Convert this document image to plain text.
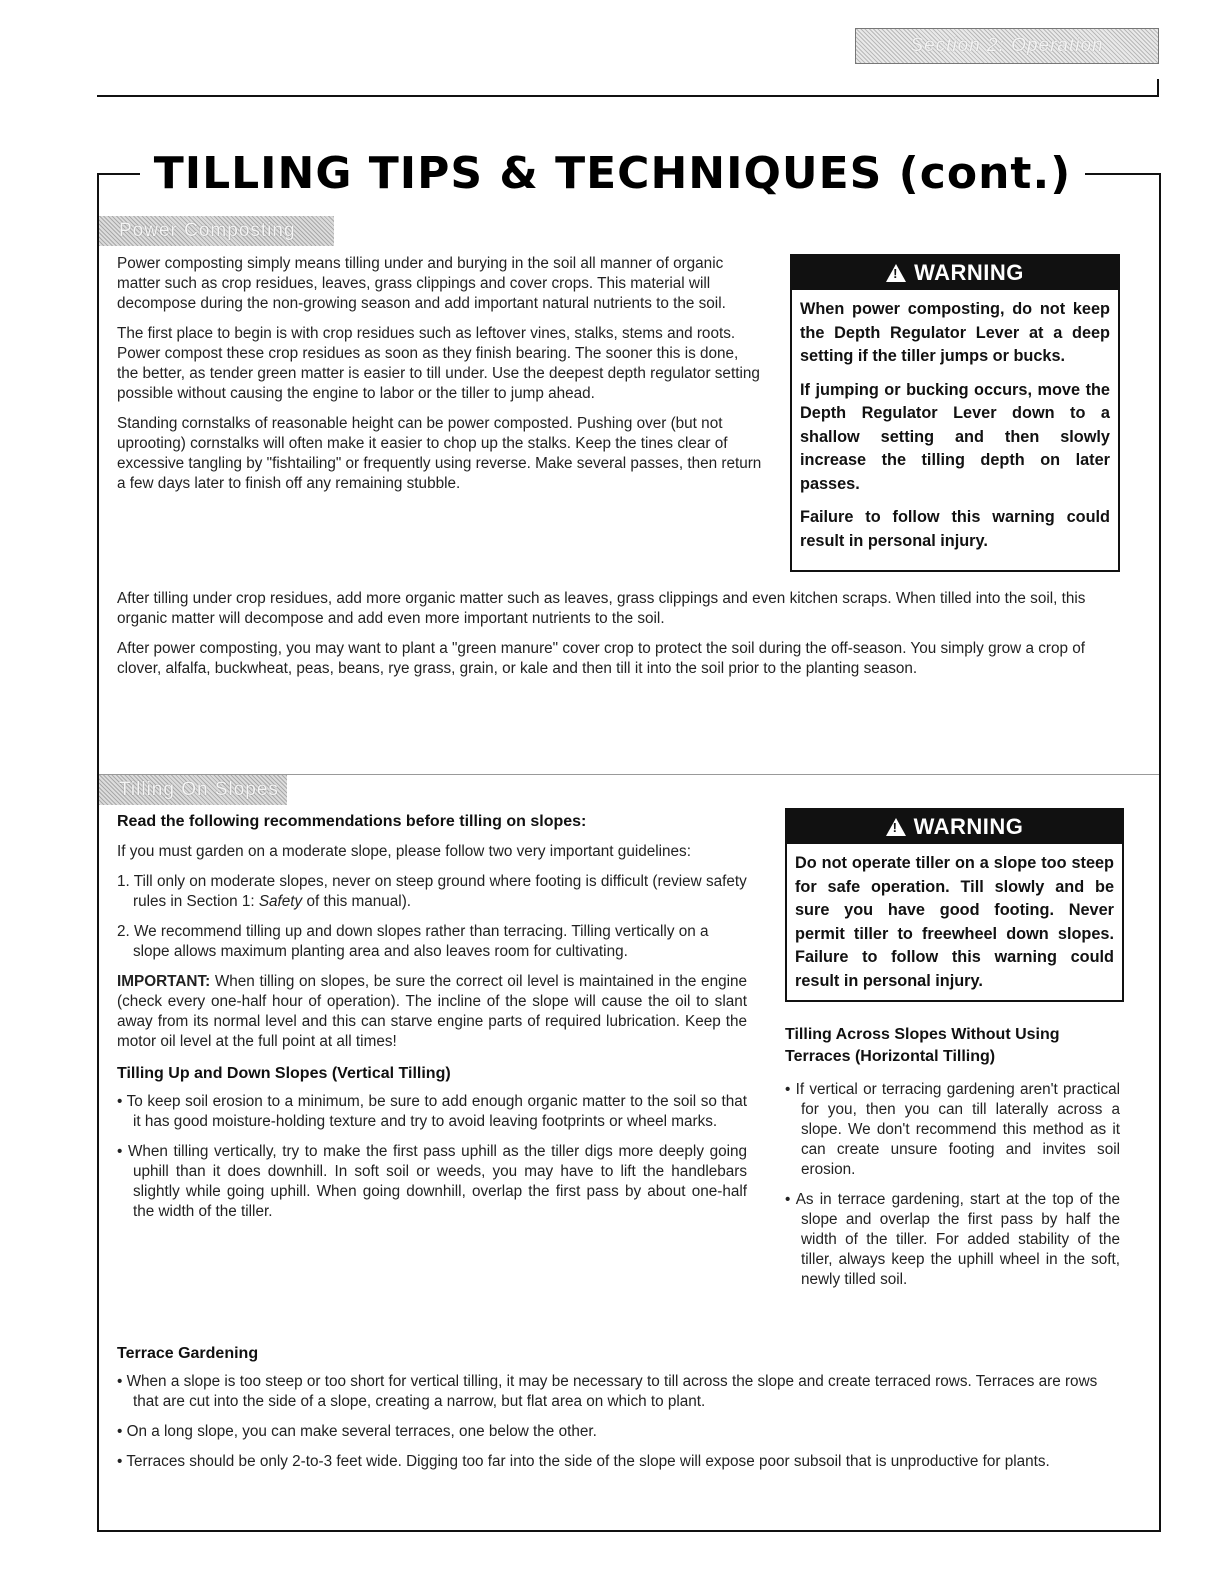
Section 2: Operation
TILLING TIPS & TECHNIQUES (cont.)
Power Composting

Power composting simply means tilling under and burying in the soil all manner of organic matter such as crop residues, leaves, grass clippings and cover crops. This material will decompose during the non-growing season and add important natural nutrients to the soil.

The first place to begin is with crop residues such as leftover vines, stalks, stems and roots. Power compost these crop residues as soon as they finish bearing. The sooner this is done, the better, as tender green matter is easier to till under. Use the deepest depth regulator setting possible without causing the engine to labor or the tiller to jump ahead.

Standing cornstalks of reasonable height can be power composted. Pushing over (but not uprooting) cornstalks will often make it easier to chop up the stalks. Keep the tines clear of excessive tangling by "fishtailing" or frequently using reverse. Make several passes, then return a few days later to finish off any remaining stubble.

!WARNING

When power composting, do not keep the Depth Regulator Lever at a deep setting if the tiller jumps or bucks.

If jumping or bucking occurs, move the Depth Regulator Lever down to a shallow setting and then slowly increase the tilling depth on later passes.

Failure to follow this warning could result in personal injury.

After tilling under crop residues, add more organic matter such as leaves, grass clippings and even kitchen scraps. When tilled into the soil, this organic matter will decompose and add even more important nutrients to the soil.

After power composting, you may want to plant a "green manure" cover crop to protect the soil during the off-season. You simply grow a crop of clover, alfalfa, buckwheat, peas, beans, rye grass, grain, or kale and then till it into the soil prior to the planting season.

Tilling On Slopes
Read the following recommendations before tilling on slopes:

If you must garden on a moderate slope, please follow two very important guidelines:

1. Till only on moderate slopes, never on steep ground where footing is difficult (review safety rules in Section 1: Safety of this manual).

2. We recommend tilling up and down slopes rather than terracing. Tilling vertically on a slope allows maximum planting area and also leaves room for cultivating.

IMPORTANT: When tilling on slopes, be sure the correct oil level is maintained in the engine (check every one-half hour of operation). The incline of the slope will cause the oil to slant away from its normal level and this can starve engine parts of required lubrication. Keep the motor oil level at the full point at all times!

Tilling Up and Down Slopes (Vertical Tilling)

• To keep soil erosion to a minimum, be sure to add enough organic matter to the soil so that it has good moisture-holding texture and try to avoid leaving footprints or wheel marks.

• When tilling vertically, try to make the first pass uphill as the tiller digs more deeply going uphill than it does downhill. In soft soil or weeds, you may have to lift the handlebars slightly while going uphill. When going downhill, overlap the first pass by about one-half the width of the tiller.

!WARNING

Do not operate tiller on a slope too steep for safe operation. Till slowly and be sure you have good footing. Never permit tiller to freewheel down slopes. Failure to follow this warning could result in personal injury.

Tilling Across Slopes Without Using Terraces (Horizontal Tilling)

• If vertical or terracing gardening aren't practical for you, then you can till laterally across a slope. We don't recommend this method as it can create unsure footing and invites soil erosion.

• As in terrace gardening, start at the top of the slope and overlap the first pass by half the width of the tiller. For added stability of the tiller, always keep the uphill wheel in the soft, newly tilled soil.

Terrace Gardening

• When a slope is too steep or too short for vertical tilling, it may be necessary to till across the slope and create terraced rows. Terraces are rows that are cut into the side of a slope, creating a narrow, but flat area on which to plant.

• On a long slope, you can make several terraces, one below the other.

• Terraces should be only 2-to-3 feet wide. Digging too far into the side of the slope will expose poor subsoil that is unproductive for plants.
